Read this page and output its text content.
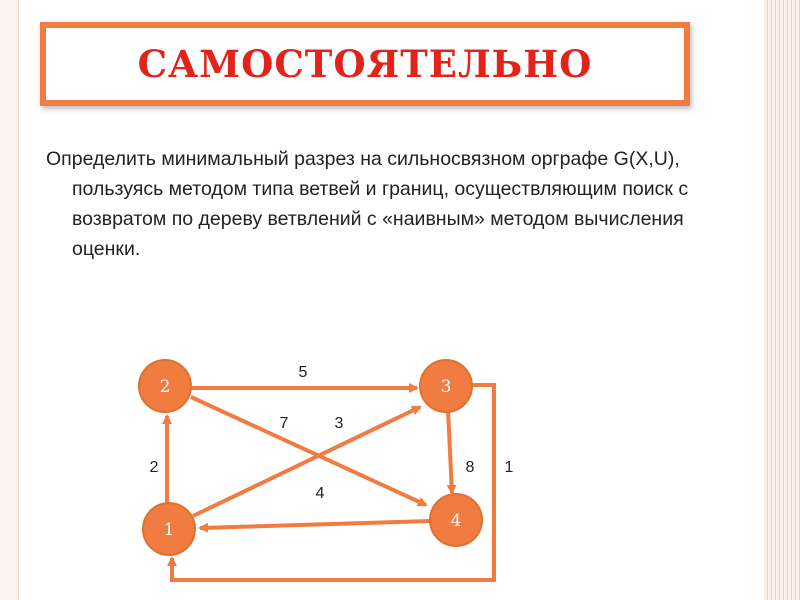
САМОСТОЯТЕЛЬНО
Определить минимальный разрез на сильносвязном орграфе G(X,U), пользуясь методом типа ветвей и границ, осуществляющим поиск с возвратом по дереву ветвлений с «наивным» методом вычисления оценки.
2	3
1	4
5
7	3
2	8
4
1
